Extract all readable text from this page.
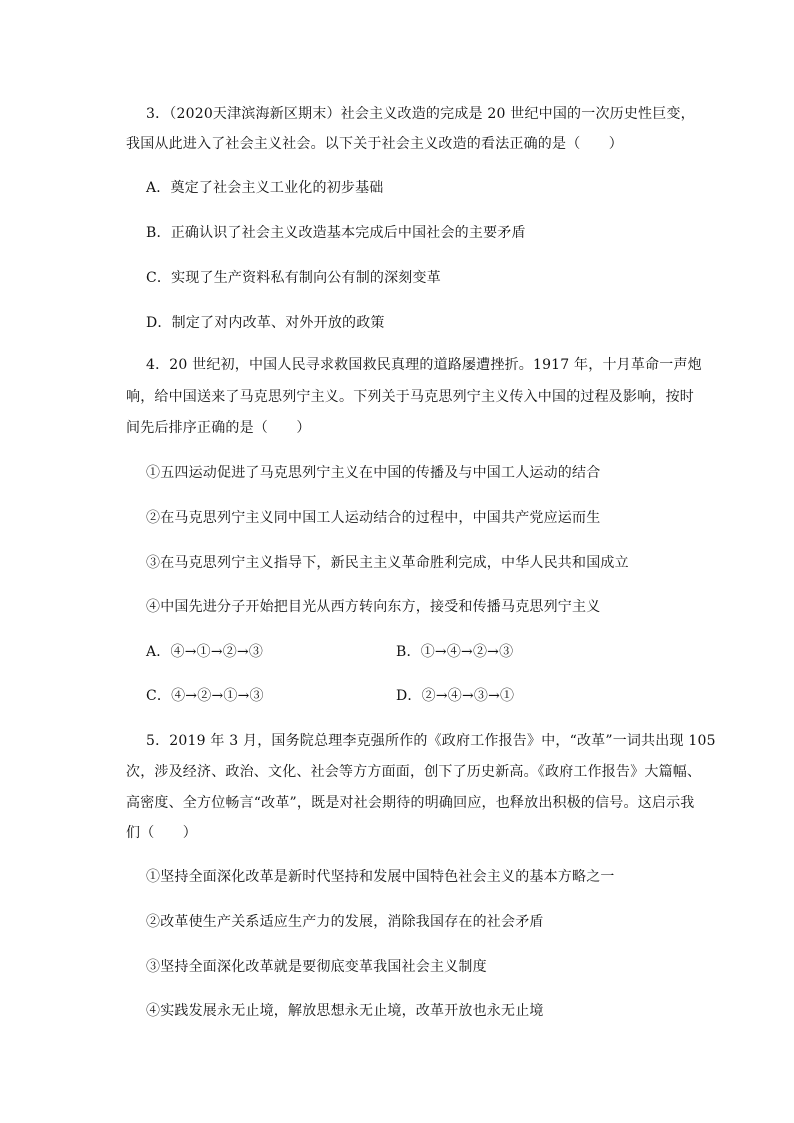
3．（2020天津滨海新区期末）社会主义改造的完成是 20 世纪中国的一次历史性巨变，
我国从此进入了社会主义社会。以下关于社会主义改造的看法正确的是（　　）
A．奠定了社会主义工业化的初步基础
B．正确认识了社会主义改造基本完成后中国社会的主要矛盾
C．实现了生产资料私有制向公有制的深刻变革
D．制定了对内改革、对外开放的政策
4．20 世纪初，中国人民寻求救国救民真理的道路屡遭挫折。1917 年，十月革命一声炮
响，给中国送来了马克思列宁主义。下列关于马克思列宁主义传入中国的过程及影响，按时
间先后排序正确的是（　　）
①五四运动促进了马克思列宁主义在中国的传播及与中国工人运动的结合
②在马克思列宁主义同中国工人运动结合的过程中，中国共产党应运而生
③在马克思列宁主义指导下，新民主主义革命胜利完成，中华人民共和国成立
④中国先进分子开始把目光从西方转向东方，接受和传播马克思列宁主义
A．④→①→②→③	B．①→④→②→③
C．④→②→①→③	D．②→④→③→①
5．2019 年 3 月，国务院总理李克强所作的《政府工作报告》中，“改革”一词共出现 105
次，涉及经济、政治、文化、社会等方方面面，创下了历史新高。《政府工作报告》大篇幅、
高密度、全方位畅言“改革”，既是对社会期待的明确回应，也释放出积极的信号。这启示我
们（　　）
①坚持全面深化改革是新时代坚持和发展中国特色社会主义的基本方略之一
②改革使生产关系适应生产力的发展，消除我国存在的社会矛盾
③坚持全面深化改革就是要彻底变革我国社会主义制度
④实践发展永无止境，解放思想永无止境，改革开放也永无止境
